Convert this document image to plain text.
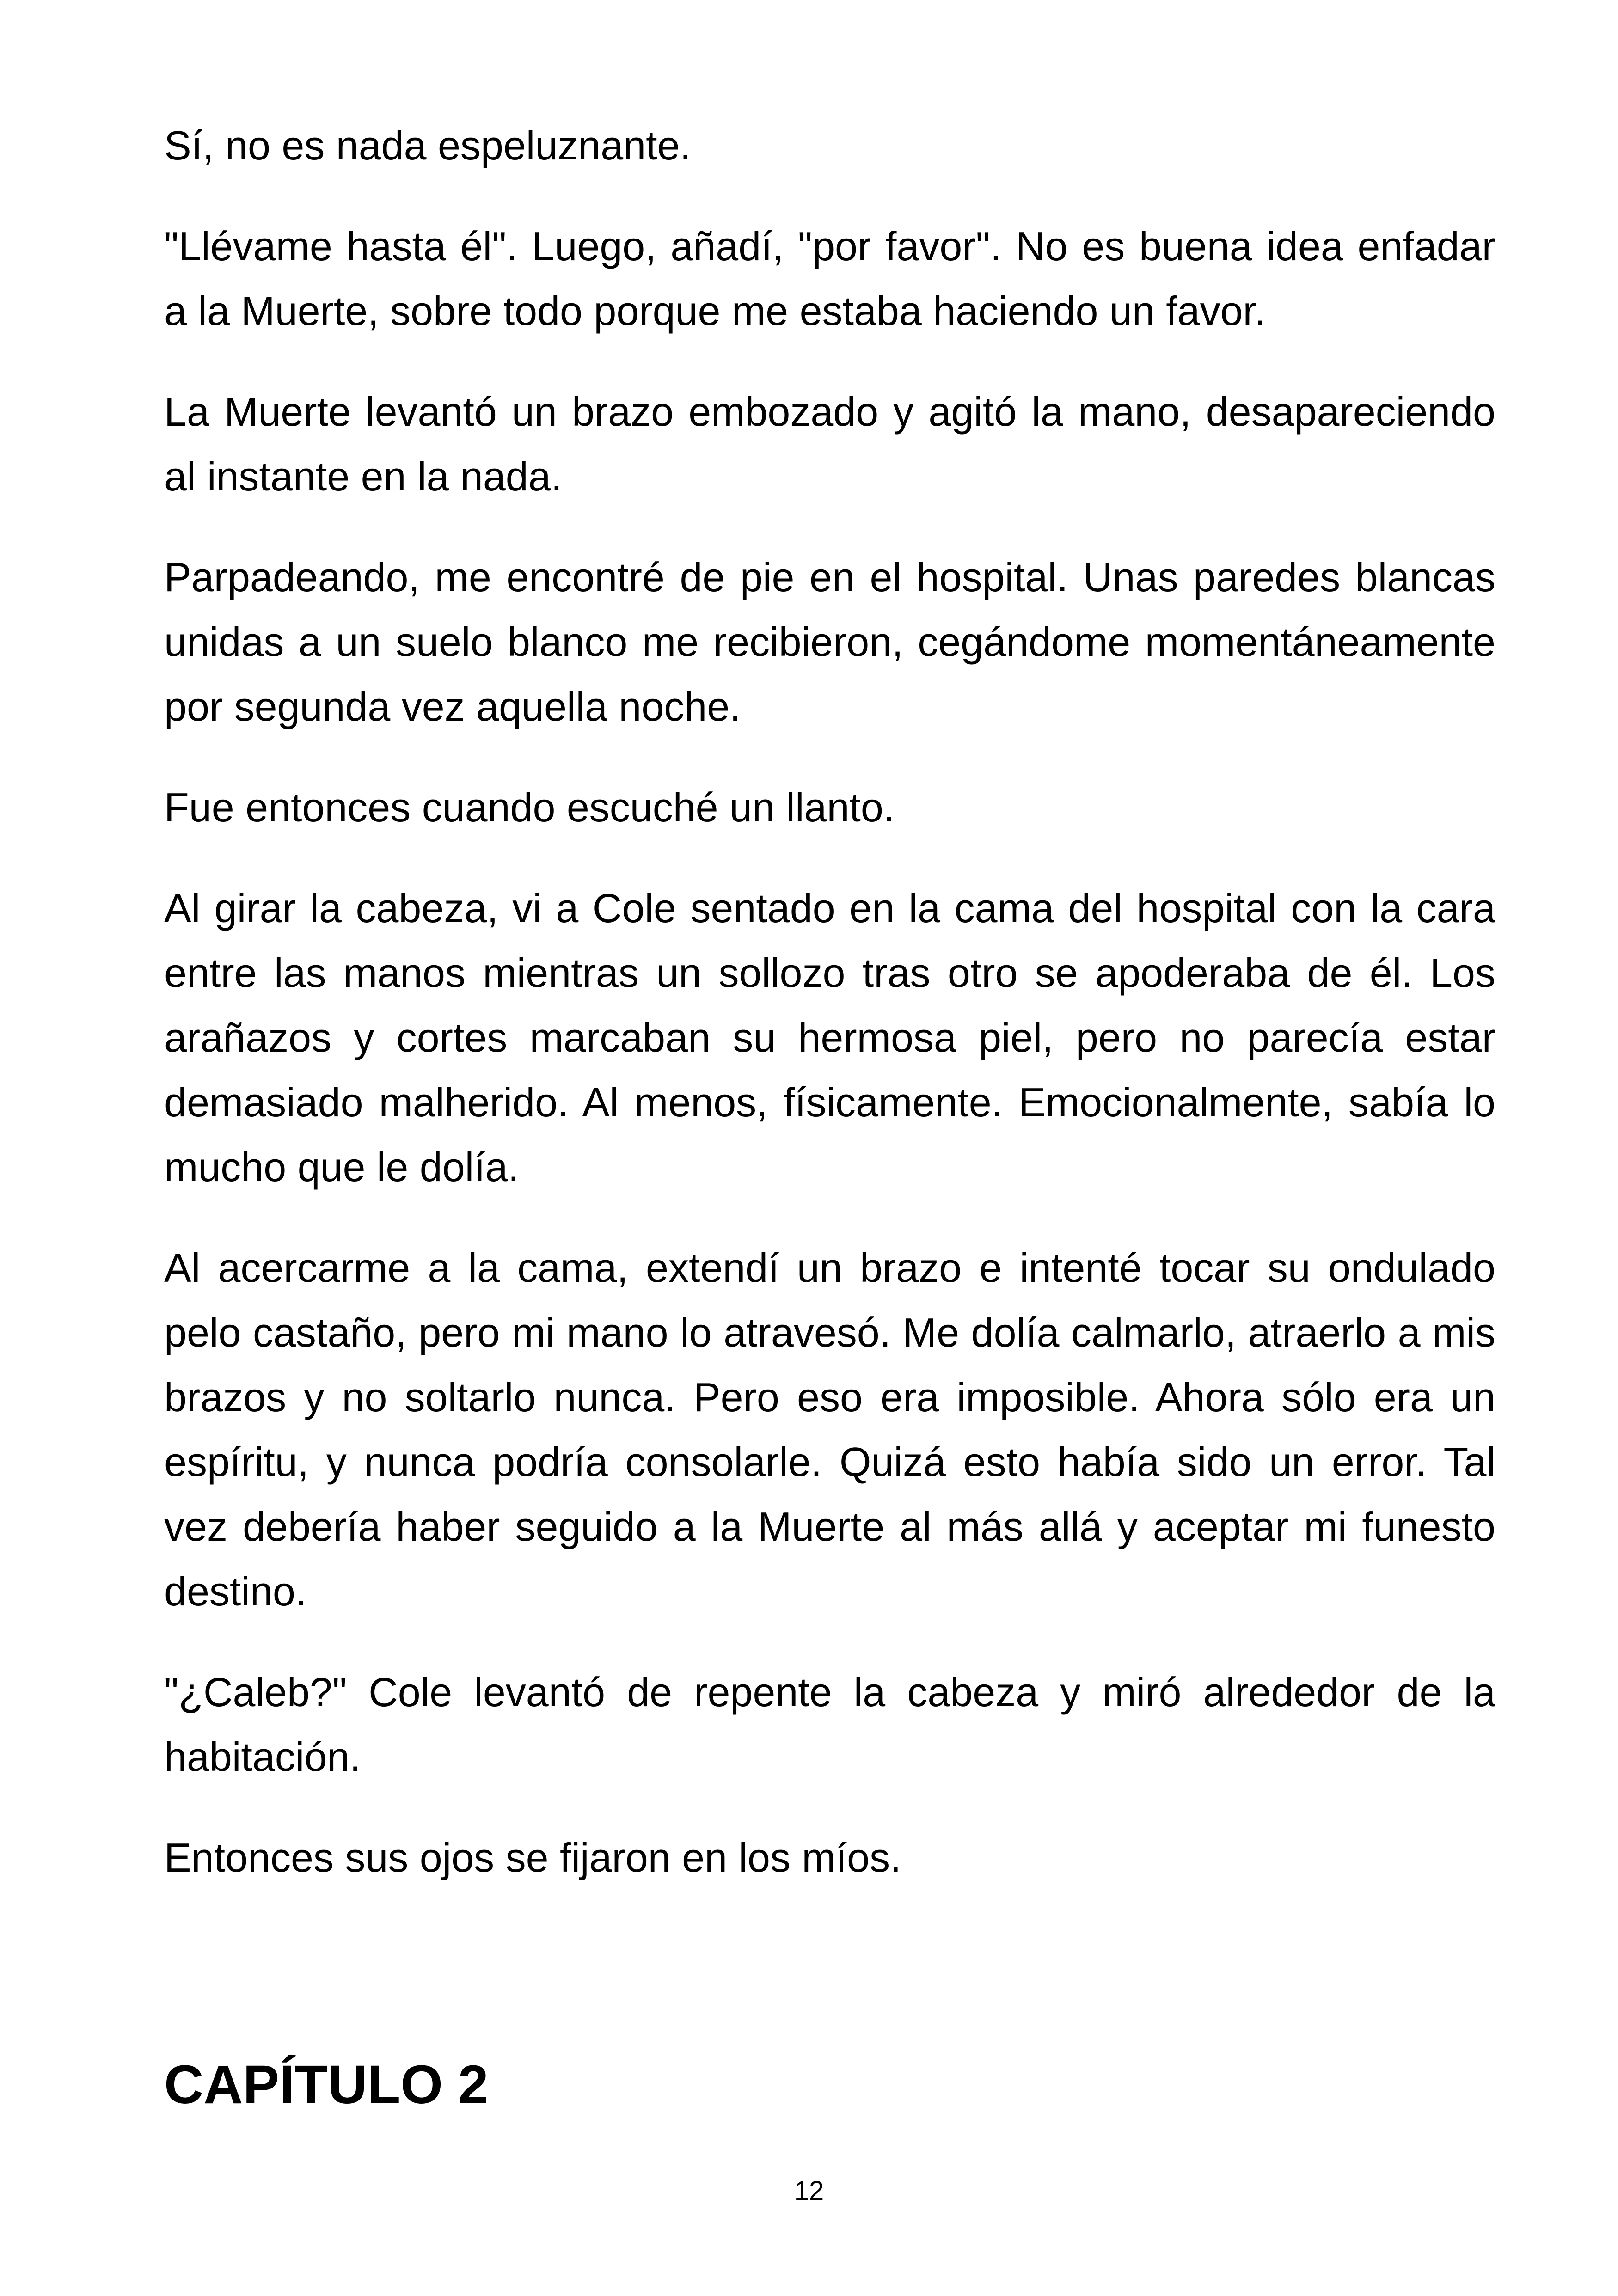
Sí, no es nada espeluznante.

"Llévame hasta él". Luego, añadí, "por favor". No es buena idea enfadar a la Muerte, sobre todo porque me estaba haciendo un favor.

La Muerte levantó un brazo embozado y agitó la mano, desapareciendo al instante en la nada.

Parpadeando, me encontré de pie en el hospital. Unas paredes blancas unidas a un suelo blanco me recibieron, cegándome momentáneamente por segunda vez aquella noche.

Fue entonces cuando escuché un llanto.

Al girar la cabeza, vi a Cole sentado en la cama del hospital con la cara entre las manos mientras un sollozo tras otro se apoderaba de él. Los arañazos y cortes marcaban su hermosa piel, pero no parecía estar demasiado malherido. Al menos, físicamente. Emocionalmente, sabía lo mucho que le dolía.

Al acercarme a la cama, extendí un brazo e intenté tocar su ondulado pelo castaño, pero mi mano lo atravesó. Me dolía calmarlo, atraerlo a mis brazos y no soltarlo nunca. Pero eso era imposible. Ahora sólo era un espíritu, y nunca podría consolarle. Quizá esto había sido un error. Tal vez debería haber seguido a la Muerte al más allá y aceptar mi funesto destino.

"¿Caleb?" Cole levantó de repente la cabeza y miró alrededor de la habitación.

Entonces sus ojos se fijaron en los míos.

CAPÍTULO 2
12
